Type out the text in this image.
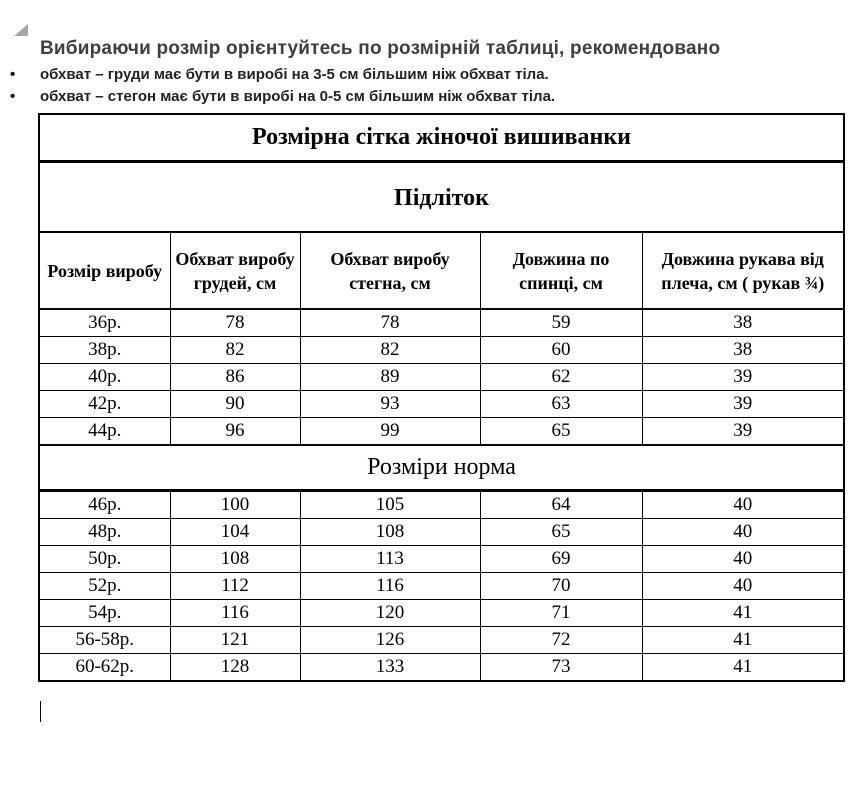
Вибираючи розмір орієнтуйтесь по розмірній таблиці, рекомендовано
• обхват – груди має бути в виробі на 3-5 см більшим ніж обхват тіла.
• обхват – стегон має бути в виробі на 0-5 см більшим ніж обхват тіла.
Розмірна сітка жіночої вишиванки				
Підліток				
Розмір виробу	Обхват виробу грудей, см	Обхват виробу стегна, см	Довжина по спинці, см	Довжина рукава від плеча, см ( рукав ¾)
36р.	78	78	59	38
38р.	82	82	60	38
40р.	86	89	62	39
42р.	90	93	63	39
44р.	96	99	65	39
Розміри норма				
46р.	100	105	64	40
48р.	104	108	65	40
50р.	108	113	69	40
52р.	112	116	70	40
54р.	116	120	71	41
56-58р.	121	126	72	41
60-62р.	128	133	73	41
